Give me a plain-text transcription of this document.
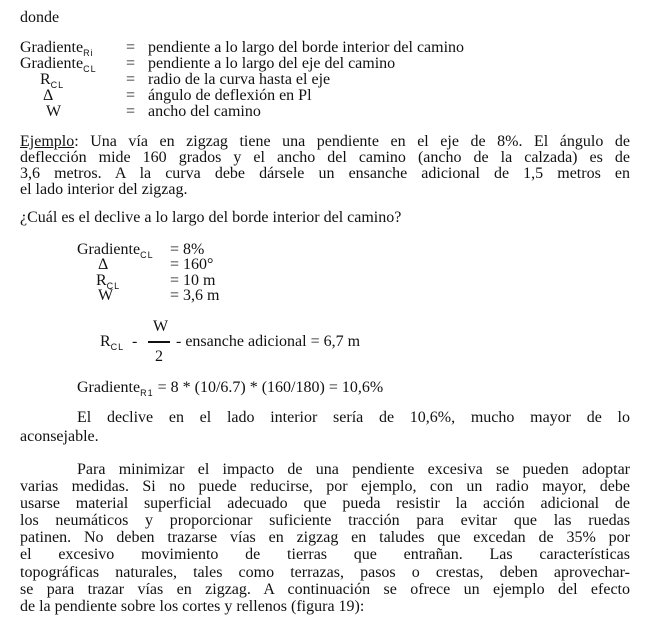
donde
Gradiente$_{Ri}$ = pendiente a lo largo del borde interior del camino
Gradiente$_{CL}$ = pendiente a lo largo del eje del camino
$R_{CL}$	= radio de la curva hasta el eje
Δ	= ángulo de deflexión en Pl
W	= ancho del camino
Ejemplo: Una vía en zigzag tiene una pendiente en el eje de 8%. El ángulo de
deflección mide 160 grados y el ancho del camino (ancho de la calzada) es de
3,6 metros. A la curva debe dársele un ensanche adicional de 1,5 metros en
el lado interior del zigzag.
¿Cuál es el declive a lo largo del borde interior del camino?
Gradiente$_{CL}$ = 8%
Δ	= 160°
$R_{CL}$	= 10 m
W	= 3,6 m
$R_{CL}$ -
W
2
- ensanche adicional = 6,7 m
Gradiente$_{R1}$ = 8 * (10/6.7) * (160/180) = 10,6%
El declive en el lado interior sería de 10,6%, mucho mayor de lo
aconsejable.
Para minimizar el impacto de una pendiente excesiva se pueden adoptar
varias medidas. Si no puede reducirse, por ejemplo, con un radio mayor, debe
usarse material superficial adecuado que pueda resistir la acción adicional de
los neumáticos y proporcionar suficiente tracción para evitar que las ruedas
patinen. No deben trazarse vías en zigzag en taludes que excedan de 35% por
el excesivo movimiento de tierras que entrañan. Las características
topográficas naturales, tales como terrazas, pasos o crestas, deben aprovechar-
se para trazar vías en zigzag. A continuación se ofrece un ejemplo del efecto
de la pendiente sobre los cortes y rellenos (figura 19):
